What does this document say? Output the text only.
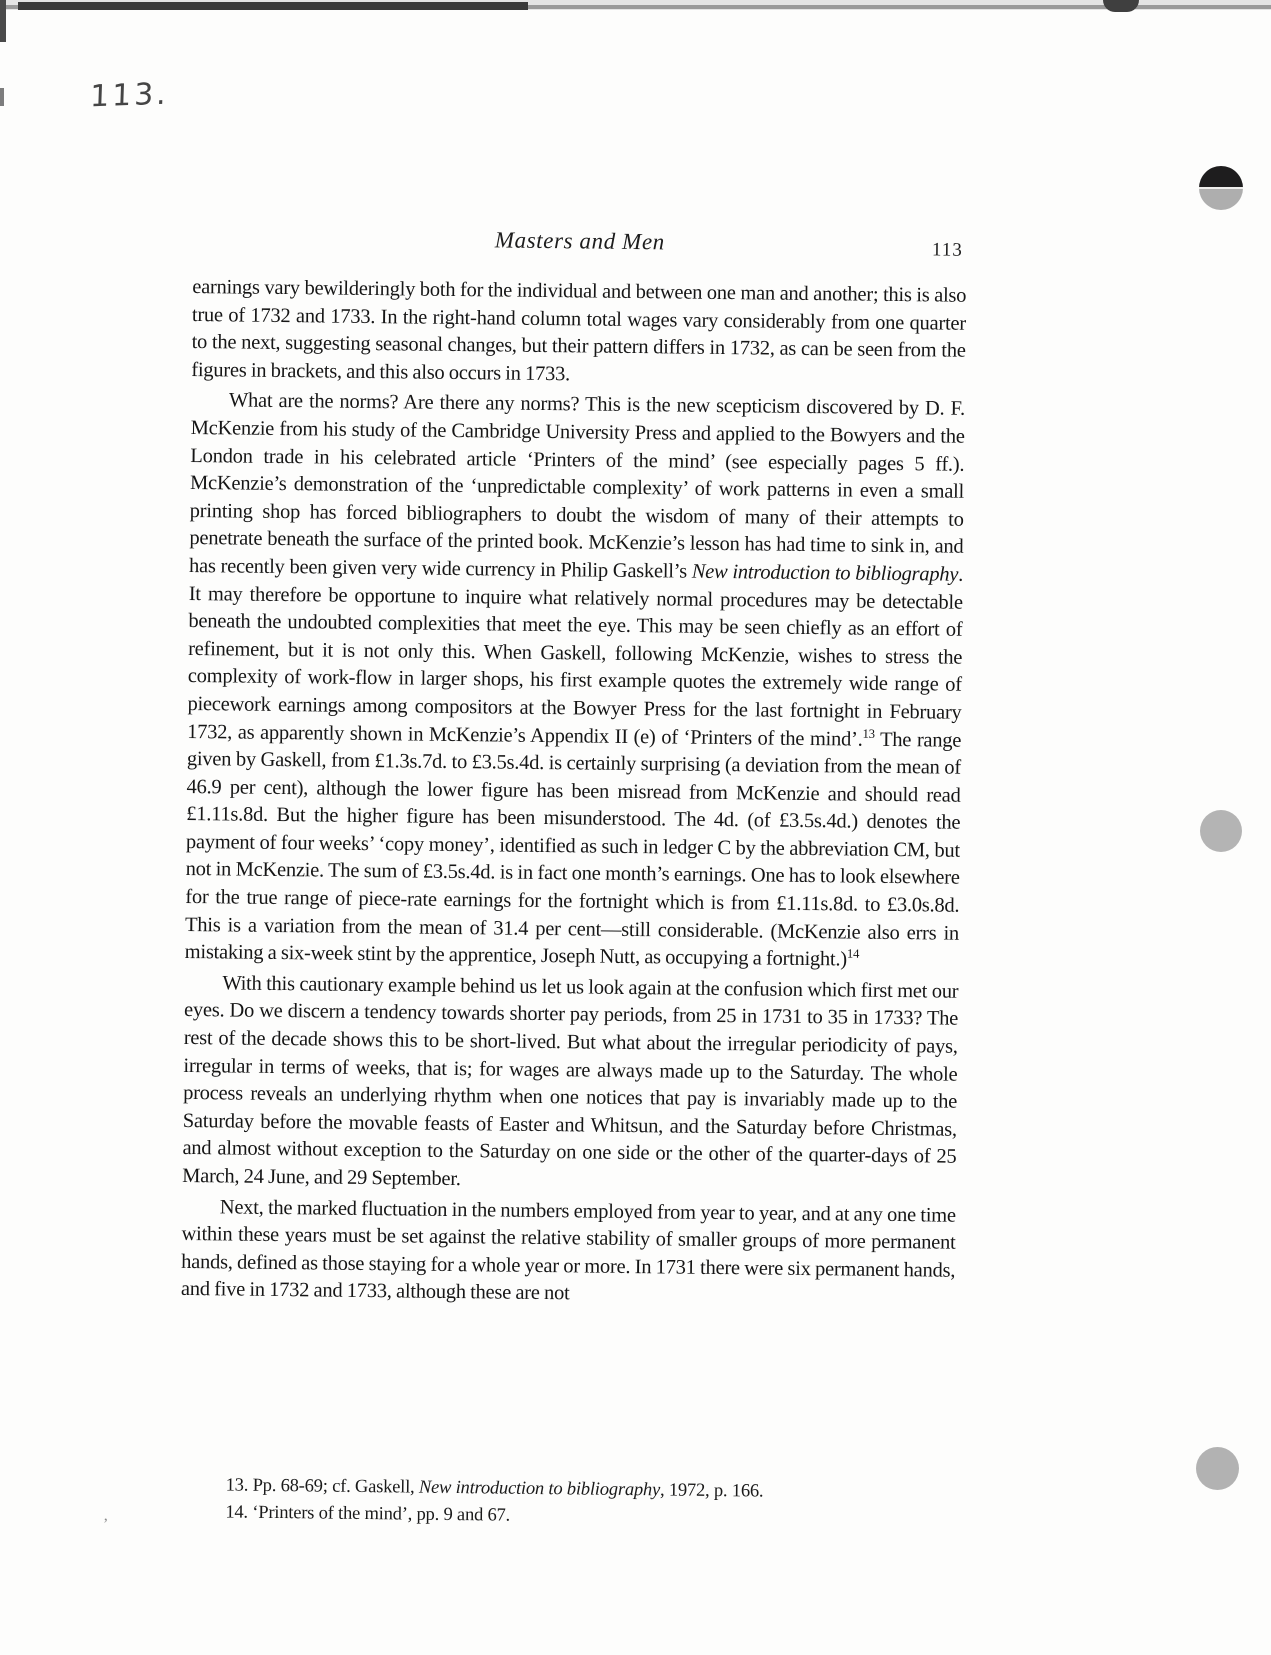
113.
Masters and Men	113

earnings vary bewilderingly both for the individual and between one man and another; this is also true of 1732 and 1733. In the right-hand column total wages vary considerably from one quarter to the next, suggesting seasonal changes, but their pattern differs in 1732, as can be seen from the figures in brackets, and this also occurs in 1733.

What are the norms? Are there any norms? This is the new scepticism discovered by D. F. McKenzie from his study of the Cambridge University Press and applied to the Bowyers and the London trade in his celebrated article ‘Printers of the mind’ (see especially pages 5 ff.). McKenzie’s demonstration of the ‘unpredictable complexity’ of work patterns in even a small printing shop has forced bibliographers to doubt the wisdom of many of their attempts to penetrate beneath the surface of the printed book. McKenzie’s lesson has had time to sink in, and has recently been given very wide currency in Philip Gaskell’s New introduction to bibliography. It may therefore be opportune to inquire what relatively normal procedures may be detectable beneath the undoubted complexities that meet the eye. This may be seen chiefly as an effort of refinement, but it is not only this. When Gaskell, following McKenzie, wishes to stress the complexity of work-flow in larger shops, his first example quotes the extremely wide range of piecework earnings among compositors at the Bowyer Press for the last fortnight in February 1732, as apparently shown in McKenzie’s Appendix II (e) of ‘Printers of the mind’.$^{13}$ The range given by Gaskell, from £1.3s.7d. to £3.5s.4d. is certainly surprising (a deviation from the mean of 46.9 per cent), although the lower figure has been misread from McKenzie and should read £1.11s.8d. But the higher figure has been misunderstood. The 4d. (of £3.5s.4d.) denotes the payment of four weeks’ ‘copy money’, identified as such in ledger C by the abbreviation CM, but not in McKenzie. The sum of £3.5s.4d. is in fact one month’s earnings. One has to look elsewhere for the true range of piece-rate earnings for the fortnight which is from £1.11s.8d. to £3.0s.8d. This is a variation from the mean of 31.4 per cent—still considerable. (McKenzie also errs in mistaking a six-week stint by the apprentice, Joseph Nutt, as occupying a fortnight.)$^{14}$

With this cautionary example behind us let us look again at the confusion which first met our eyes. Do we discern a tendency towards shorter pay periods, from 25 in 1731 to 35 in 1733? The rest of the decade shows this to be short-lived. But what about the irregular periodicity of pays, irregular in terms of weeks, that is; for wages are always made up to the Saturday. The whole process reveals an underlying rhythm when one notices that pay is invariably made up to the Saturday before the movable feasts of Easter and Whitsun, and the Saturday before Christmas, and almost without exception to the Saturday on one side or the other of the quarter-days of 25 March, 24 June, and 29 September.

Next, the marked fluctuation in the numbers employed from year to year, and at any one time within these years must be set against the relative stability of smaller groups of more permanent hands, defined as those staying for a whole year or more. In 1731 there were six permanent hands, and five in 1732 and 1733, although these are not

13. Pp. 68-69; cf. Gaskell, New introduction to bibliography, 1972, p. 166.

14. ‘Printers of the mind’, pp. 9 and 67.

’
